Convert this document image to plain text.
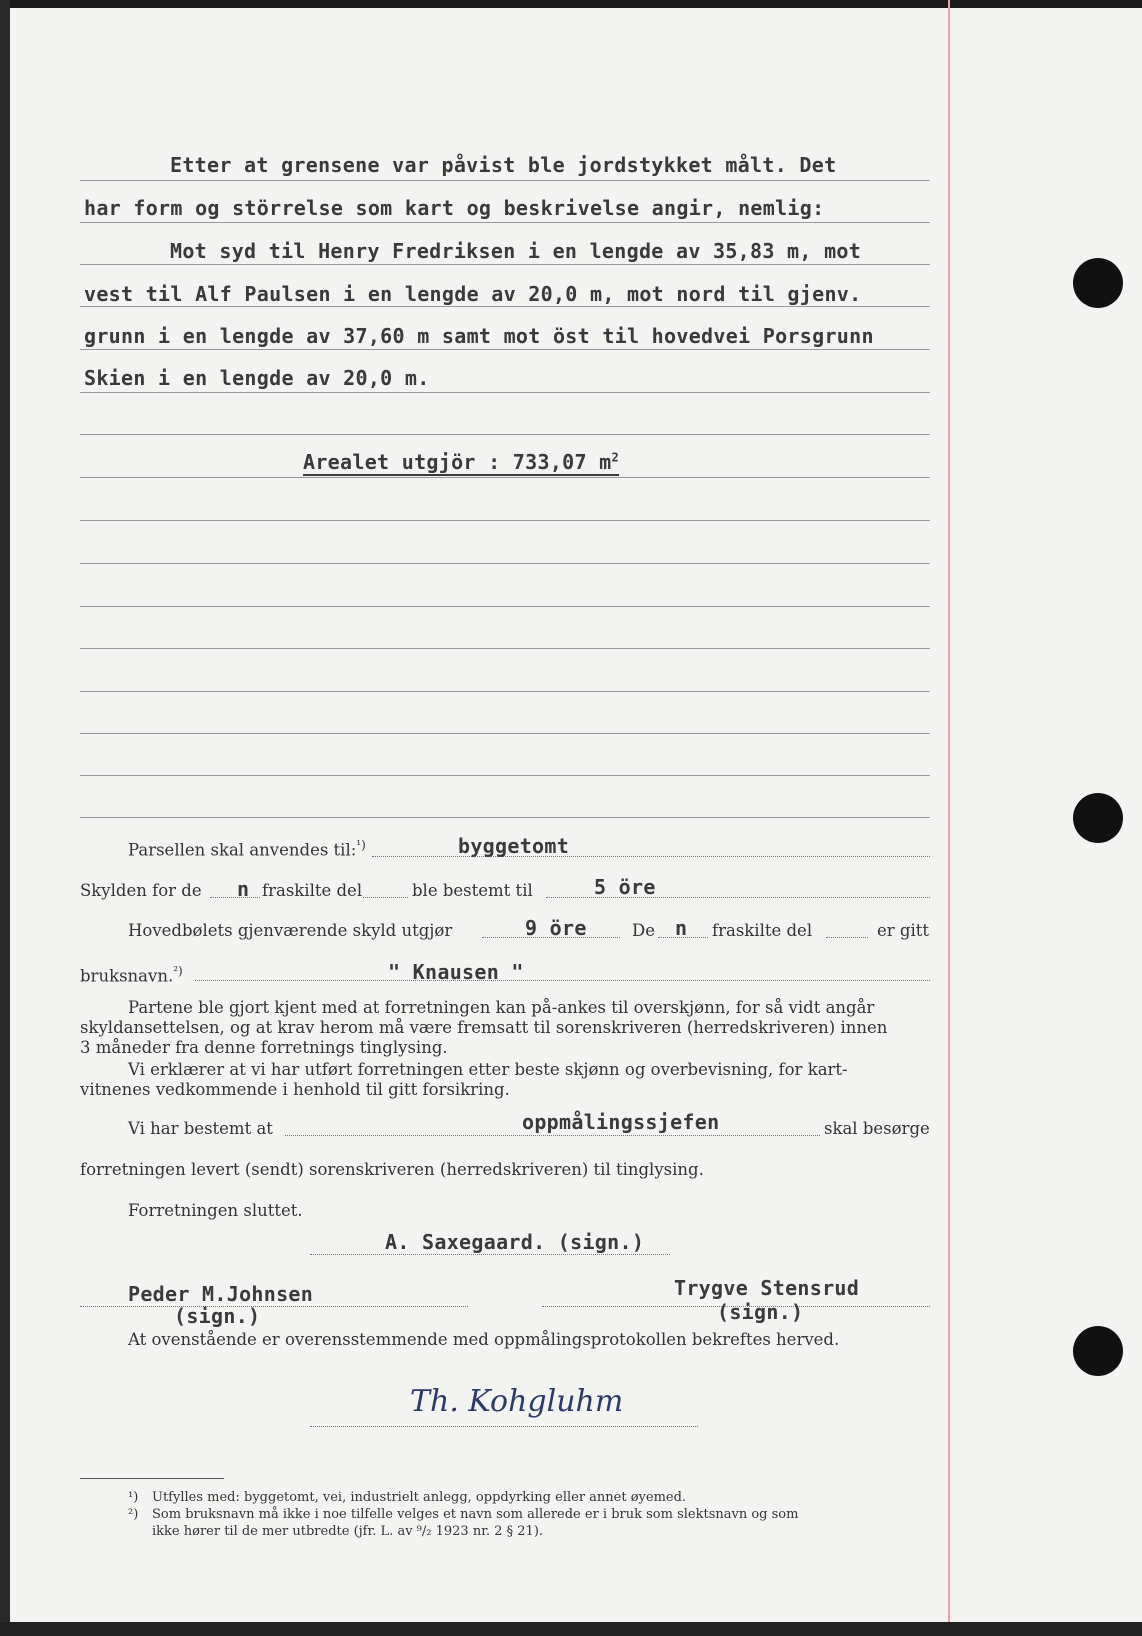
Etter at grensene var påvist ble jordstykket målt. Det
har form og störrelse som kart og beskrivelse angir, nemlig:
Mot syd til Henry Fredriksen i en lengde av 35,83 m, mot
vest til Alf Paulsen i en lengde av 20,0 m, mot nord til gjenv.
grunn i en lengde av 37,60 m samt mot öst til hovedvei Porsgrunn
Skien i en lengde av 20,0 m.
Arealet utgjör : 733,07 $m^2$
Parsellen skal anvendes til:$^{^1)}$	byggetomt
Skylden for de n fraskilte del	ble bestemt til	5 öre
Hovedbølets gjenværende skyld utgjør	9 öre	De n fraskilte del	er gitt
bruksnavn.$^{^2)}$	" Knausen "
Partene ble gjort kjent med at forretningen kan på-ankes til overskjønn, for så vidt angår
skyldansettelsen, og at krav herom må være fremsatt til sorenskriveren (herredskriveren) innen
3 måneder fra denne forretnings tinglysing.
Vi erklærer at vi har utført forretningen etter beste skjønn og overbevisning, for kart-
vitnenes vedkommende i henhold til gitt forsikring.
Vi har bestemt at	oppmålingssjefen	skal besørge
forretningen levert (sendt) sorenskriveren (herredskriveren) til tinglysing.
Forretningen sluttet.
A. Saxegaard. (sign.)
Peder M.Johnsen
(sign.)
Trygve Stensrud
(sign.)
At ovenstående er overensstemmende med oppmålingsprotokollen bekreftes herved.
Th. Kohgluhm
¹) Utfylles med: byggetomt, vei, industrielt anlegg, oppdyrking eller annet øyemed.
²) Som bruksnavn må ikke i noe tilfelle velges et navn som allerede er i bruk som slektsnavn og som
ikke hører til de mer utbredte (jfr. L. av ⁹/₂ 1923 nr. 2 § 21).
